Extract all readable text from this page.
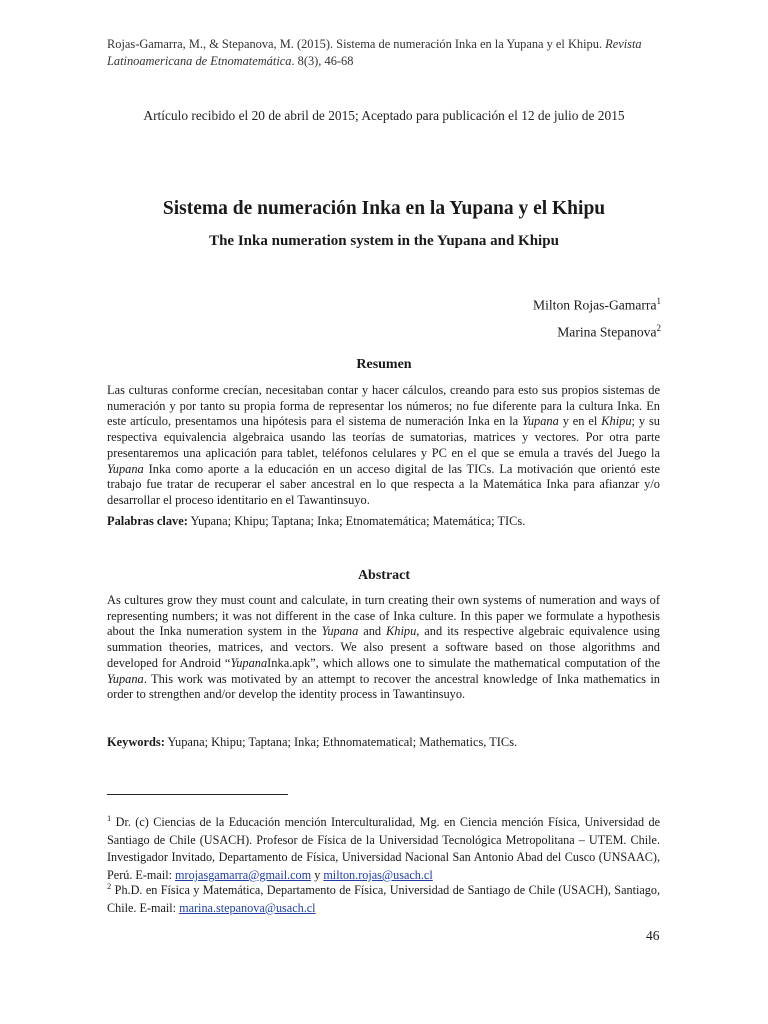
Rojas-Gamarra, M., & Stepanova, M. (2015). Sistema de numeración Inka en la Yupana y el Khipu. Revista Latinoamericana de Etnomatemática. 8(3), 46-68
Artículo recibido el 20 de abril de 2015; Aceptado para publicación el 12 de julio de 2015
Sistema de numeración Inka en la Yupana y el Khipu
The Inka numeration system in the Yupana and Khipu
Milton Rojas-Gamarra$^1$
Marina Stepanova$^2$
Resumen
Las culturas conforme crecían, necesitaban contar y hacer cálculos, creando para esto sus propios sistemas de numeración y por tanto su propia forma de representar los números; no fue diferente para la cultura Inka. En este artículo, presentamos una hipótesis para el sistema de numeración Inka en la Yupana y en el Khipu; y su respectiva equivalencia algebraica usando las teorías de sumatorias, matrices y vectores. Por otra parte presentaremos una aplicación para tablet, teléfonos celulares y PC en el que se emula a través del Juego la Yupana Inka como aporte a la educación en un acceso digital de las TICs. La motivación que orientó este trabajo fue tratar de recuperar el saber ancestral en lo que respecta a la Matemática Inka para afianzar y/o desarrollar el proceso identitario en el Tawantinsuyo.
Palabras clave: Yupana; Khipu; Taptana; Inka; Etnomatemática; Matemática; TICs.
Abstract
As cultures grow they must count and calculate, in turn creating their own systems of numeration and ways of representing numbers; it was not different in the case of Inka culture. In this paper we formulate a hypothesis about the Inka numeration system in the Yupana and Khipu, and its respective algebraic equivalence using summation theories, matrices, and vectors. We also present a software based on those algorithms and developed for Android “YupanaInka.apk”, which allows one to simulate the mathematical computation of the Yupana. This work was motivated by an attempt to recover the ancestral knowledge of Inka mathematics in order to strengthen and/or develop the identity process in Tawantinsuyo.
Keywords: Yupana; Khipu; Taptana; Inka; Ethnomatematical; Mathematics, TICs.
$^1$ Dr. (c) Ciencias de la Educación mención Interculturalidad, Mg. en Ciencia mención Física, Universidad de Santiago de Chile (USACH). Profesor de Física de la Universidad Tecnológica Metropolitana – UTEM. Chile. Investigador Invitado, Departamento de Física, Universidad Nacional San Antonio Abad del Cusco (UNSAAC), Perú. E-mail: mrojasgamarra@gmail.com y milton.rojas@usach.cl
$^2$ Ph.D. en Física y Matemática, Departamento de Física, Universidad de Santiago de Chile (USACH), Santiago, Chile. E-mail: marina.stepanova@usach.cl
46
